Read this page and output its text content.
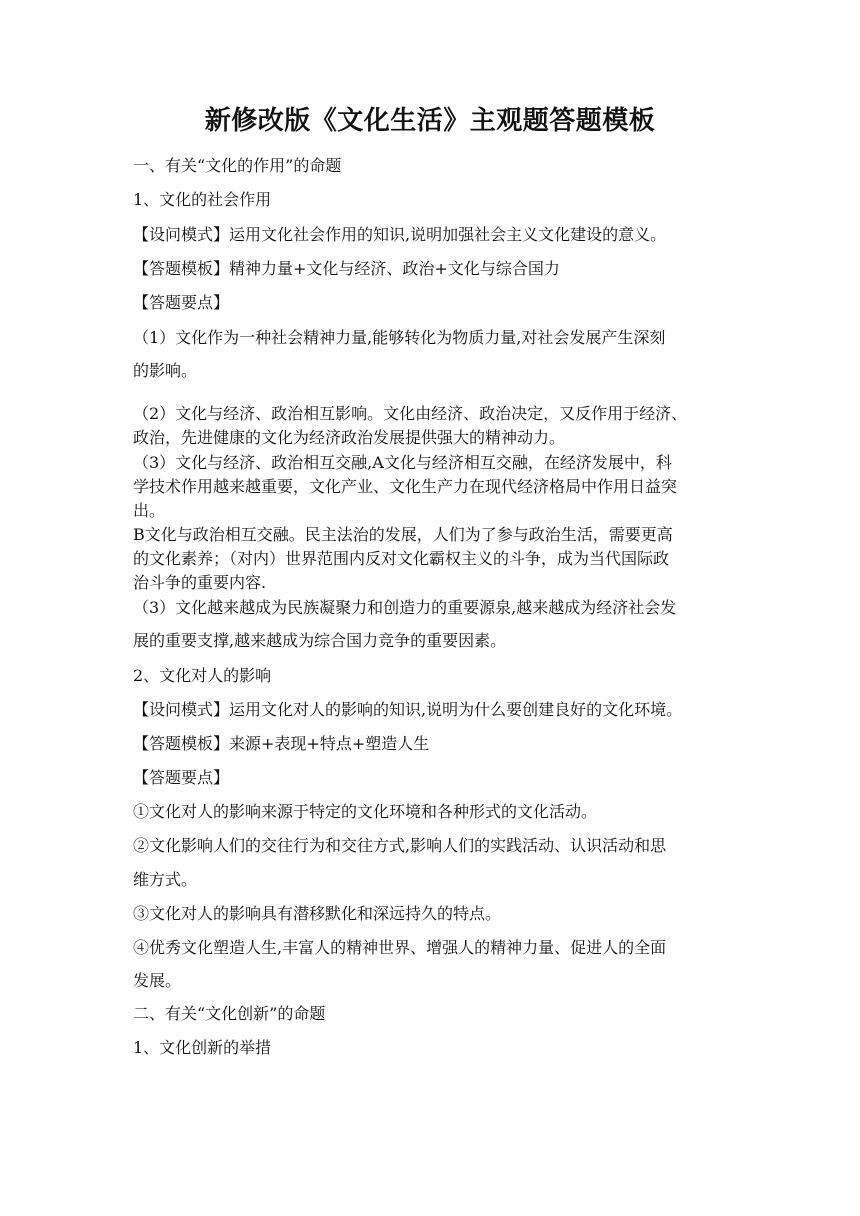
新修改版《文化生活》主观题答题模板
一、有关“文化的作用”的命题
1、文化的社会作用
【设问模式】运用文化社会作用的知识,说明加强社会主义文化建设的意义。
【答题模板】精神力量+文化与经济、政治+文化与综合国力
【答题要点】
（1）文化作为一种社会精神力量,能够转化为物质力量,对社会发展产生深刻
的影响。
（2）文化与经济、政治相互影响。文化由经济、政治决定，又反作用于经济、
政治，先进健康的文化为经济政治发展提供强大的精神动力。
（3）文化与经济、政治相互交融,A文化与经济相互交融，在经济发展中，科
学技术作用越来越重要，文化产业、文化生产力在现代经济格局中作用日益突
出。
B文化与政治相互交融。民主法治的发展，人们为了参与政治生活，需要更高
的文化素养；（对内）世界范围内反对文化霸权主义的斗争，成为当代国际政
治斗争的重要内容.
（3）文化越来越成为民族凝聚力和创造力的重要源泉,越来越成为经济社会发
展的重要支撑,越来越成为综合国力竞争的重要因素。
2、文化对人的影响
【设问模式】运用文化对人的影响的知识,说明为什么要创建良好的文化环境。
【答题模板】来源+表现+特点+塑造人生
【答题要点】
①文化对人的影响来源于特定的文化环境和各种形式的文化活动。
②文化影响人们的交往行为和交往方式,影响人们的实践活动、认识活动和思
维方式。
③文化对人的影响具有潜移默化和深远持久的特点。
④优秀文化塑造人生,丰富人的精神世界、增强人的精神力量、促进人的全面
发展。
二、有关“文化创新”的命题
1、文化创新的举措
